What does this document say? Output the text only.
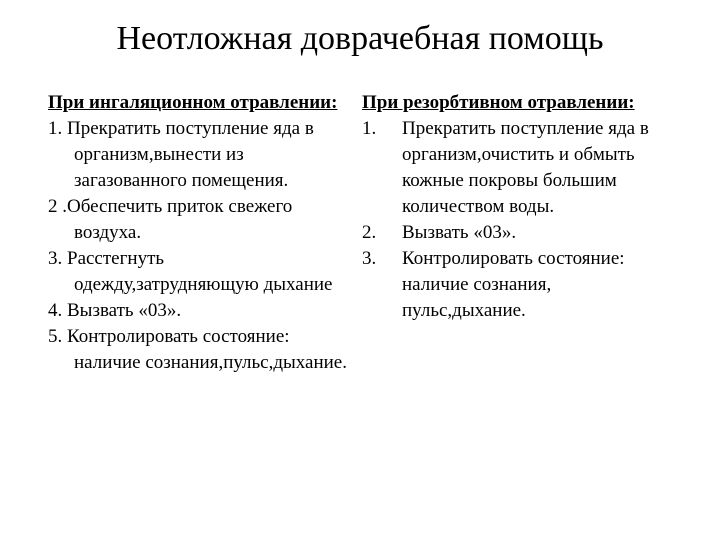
Неотложная доврачебная помощь

При ингаляционном отравлении:

1. Прекратить поступление яда в организм,вынести из загазованного помещения.
2 .Обеспечить приток свежего воздуха.
3. Расстегнуть одежду,затрудняющую дыхание
4. Вызвать «03».
5. Контролировать состояние: наличие сознания,пульс,дыхание.

При резорбтивном отравлении:

1.	Прекратить поступление яда в организм,очистить и обмыть кожные покровы большим количеством воды.
2.	Вызвать «03».
3.	Контролировать состояние: наличие сознания, пульс,дыхание.
